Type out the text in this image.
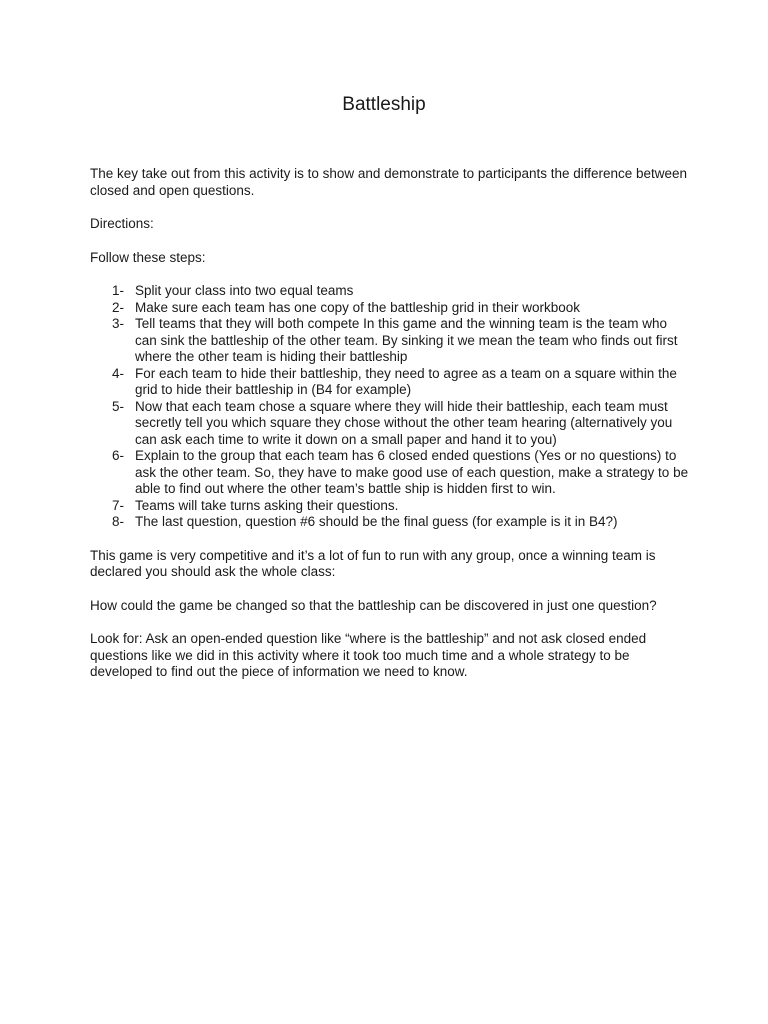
Battleship

The key take out from this activity is to show and demonstrate to participants the difference between closed and open questions.

Directions:

Follow these steps:

1- Split your class into two equal teams
2- Make sure each team has one copy of the battleship grid in their workbook
3- Tell teams that they will both compete In this game and the winning team is the team who can sink the battleship of the other team. By sinking it we mean the team who finds out first where the other team is hiding their battleship
4- For each team to hide their battleship, they need to agree as a team on a square within the grid to hide their battleship in (B4 for example)
5- Now that each team chose a square where they will hide their battleship, each team must secretly tell you which square they chose without the other team hearing (alternatively you can ask each time to write it down on a small paper and hand it to you)
6- Explain to the group that each team has 6 closed ended questions (Yes or no questions) to ask the other team. So, they have to make good use of each question, make a strategy to be able to find out where the other team’s battle ship is hidden first to win.
7- Teams will take turns asking their questions.
8- The last question, question #6 should be the final guess (for example is it in B4?)

This game is very competitive and it’s a lot of fun to run with any group, once a winning team is declared you should ask the whole class:

How could the game be changed so that the battleship can be discovered in just one question?

Look for: Ask an open-ended question like “where is the battleship” and not ask closed ended questions like we did in this activity where it took too much time and a whole strategy to be developed to find out the piece of information we need to know.
